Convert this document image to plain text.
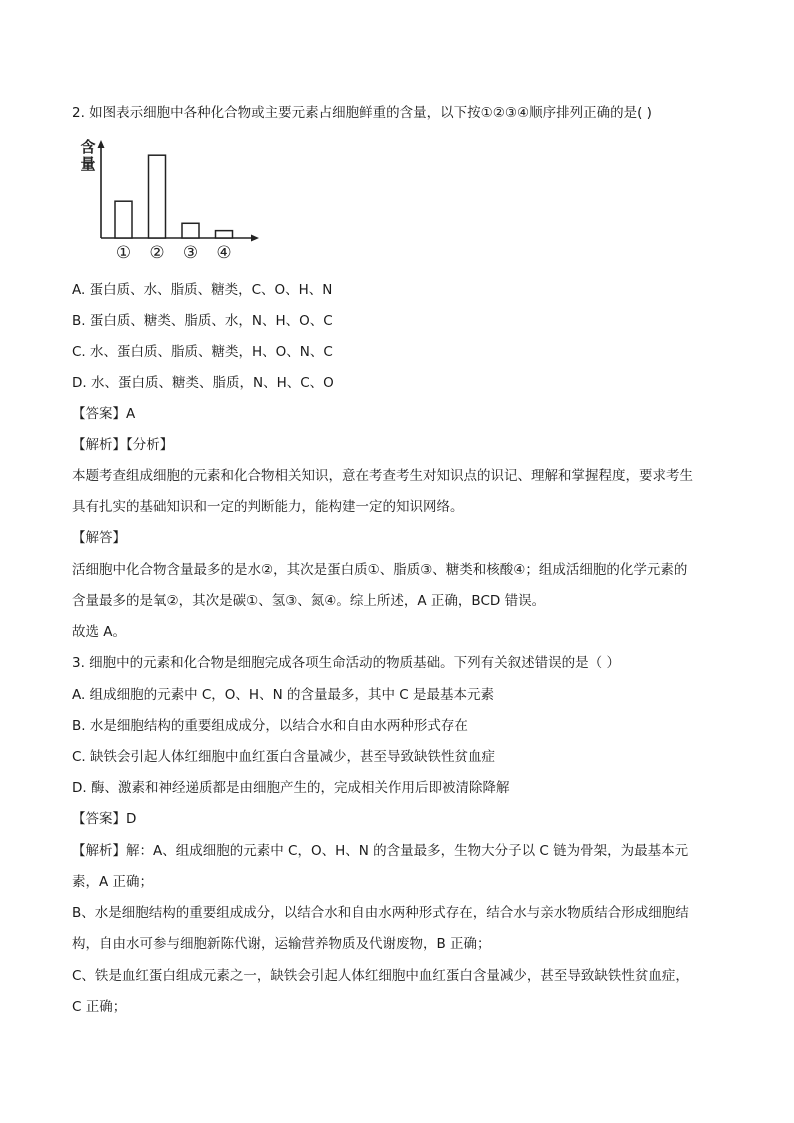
2. 如图表示细胞中各种化合物或主要元素占细胞鲜重的含量，以下按①②③④顺序排列正确的是( )
含量
① ② ③ ④
A. 蛋白质、水、脂质、糖类，C、O、H、N
B. 蛋白质、糖类、脂质、水，N、H、O、C
C. 水、蛋白质、脂质、糖类，H、O、N、C
D. 水、蛋白质、糖类、脂质，N、H、C、O
【答案】A
【解析】【分析】
本题考查组成细胞的元素和化合物相关知识，意在考查考生对知识点的识记、理解和掌握程度，要求考生
具有扎实的基础知识和一定的判断能力，能构建一定的知识网络。
【解答】
活细胞中化合物含量最多的是水②，其次是蛋白质①、脂质③、糖类和核酸④；组成活细胞的化学元素的
含量最多的是氧②，其次是碳①、氢③、氮④。综上所述，A 正确，BCD 错误。
故选 A。
3. 细胞中的元素和化合物是细胞完成各项生命活动的物质基础。下列有关叙述错误的是（ ）
A. 组成细胞的元素中 C，O、H、N 的含量最多，其中 C 是最基本元素
B. 水是细胞结构的重要组成成分，以结合水和自由水两种形式存在
C. 缺铁会引起人体红细胞中血红蛋白含量减少，甚至导致缺铁性贫血症
D. 酶、激素和神经递质都是由细胞产生的，完成相关作用后即被清除降解
【答案】D
【解析】解：A、组成细胞的元素中 C，O、H、N 的含量最多，生物大分子以 C 链为骨架，为最基本元
素，A 正确；
B、水是细胞结构的重要组成成分，以结合水和自由水两种形式存在，结合水与亲水物质结合形成细胞结
构，自由水可参与细胞新陈代谢，运输营养物质及代谢废物，B 正确；
C、铁是血红蛋白组成元素之一，缺铁会引起人体红细胞中血红蛋白含量减少，甚至导致缺铁性贫血症，
C 正确；
